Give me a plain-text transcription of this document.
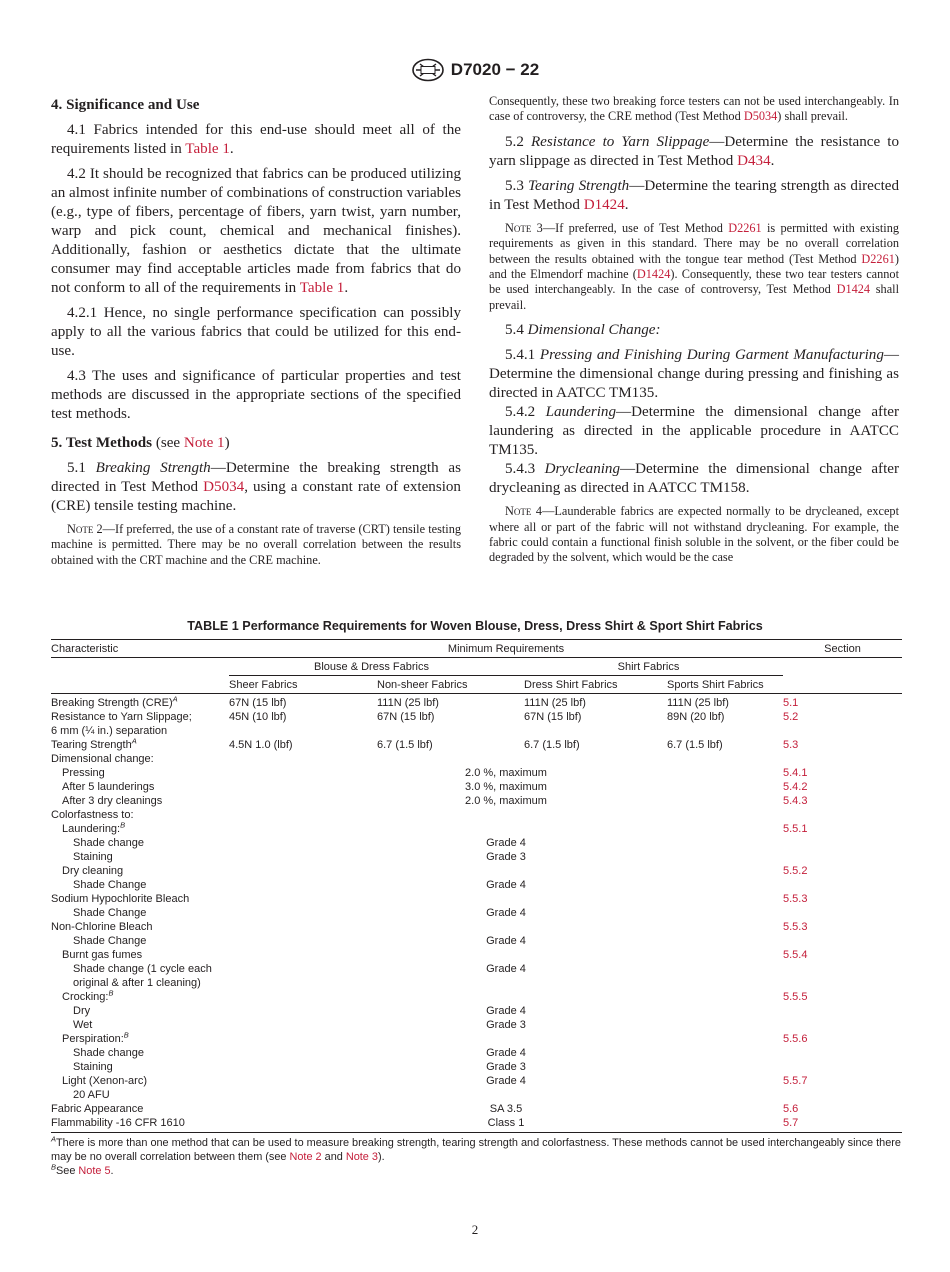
D7020 − 22
4. Significance and Use

4.1 Fabrics intended for this end-use should meet all of the requirements listed in Table 1.

4.2 It should be recognized that fabrics can be produced utilizing an almost infinite number of combinations of construction variables (e.g., type of fibers, percentage of fibers, yarn twist, yarn number, warp and pick count, chemical and mechanical finishes). Additionally, fashion or aesthetics dictate that the ultimate consumer may find acceptable articles made from fabrics that do not conform to all of the requirements in Table 1.

4.2.1 Hence, no single performance specification can possibly apply to all the various fabrics that could be utilized for this end-use.

4.3 The uses and significance of particular properties and test methods are discussed in the appropriate sections of the specified test methods.

5. Test Methods (see Note 1)

5.1 Breaking Strength—Determine the breaking strength as directed in Test Method D5034, using a constant rate of extension (CRE) tensile testing machine.

Note 2—If preferred, the use of a constant rate of traverse (CRT) tensile testing machine is permitted. There may be no overall correlation between the results obtained with the CRT machine and the CRE machine.

Consequently, these two breaking force testers can not be used interchangeably. In case of controversy, the CRE method (Test Method D5034) shall prevail.

5.2 Resistance to Yarn Slippage—Determine the resistance to yarn slippage as directed in Test Method D434.

5.3 Tearing Strength—Determine the tearing strength as directed in Test Method D1424.

Note 3—If preferred, use of Test Method D2261 is permitted with existing requirements as given in this standard. There may be no overall correlation between the results obtained with the tongue tear method (Test Method D2261) and the Elmendorf machine (D1424). Consequently, these two tear testers cannot be used interchangeably. In the case of controversy, Test Method D1424 shall prevail.

5.4 Dimensional Change:

5.4.1 Pressing and Finishing During Garment Manufacturing—Determine the dimensional change during pressing and finishing as directed in AATCC TM135.

5.4.2 Laundering—Determine the dimensional change after laundering as directed in the applicable procedure in AATCC TM135.

5.4.3 Drycleaning—Determine the dimensional change after drycleaning as directed in AATCC TM158.

Note 4—Launderable fabrics are expected normally to be drycleaned, except where all or part of the fabric will not withstand drycleaning. For example, the fabric could contain a functional finish soluble in the solvent, or the fiber could be degraded by the solvent, which would be the case

TABLE 1 Performance Requirements for Woven Blouse, Dress, Dress Shirt & Sport Shirt Fabrics
Characteristic	Minimum Requirements				Section
	Blouse & Dress Fabrics		Shirt Fabrics		
	Sheer Fabrics	Non-sheer Fabrics	Dress Shirt Fabrics	Sports Shirt Fabrics	
Breaking Strength (CRE)$^A$	67N (15 lbf)	111N (25 lbf)	111N (25 lbf)	111N (25 lbf)	5.1
Resistance to Yarn Slippage;	45N (10 lbf)	67N (15 lbf)	67N (15 lbf)	89N (20 lbf)	5.2
6 mm (¼ in.) separation					
Tearing Strength$^A$	4.5N 1.0 (lbf)	6.7 (1.5 lbf)	6.7 (1.5 lbf)	6.7 (1.5 lbf)	5.3
Dimensional change:					
Pressing	2.0 %, maximum				5.4.1
After 5 launderings	3.0 %, maximum				5.4.2
After 3 dry cleanings	2.0 %, maximum				5.4.3
Colorfastness to:					
Laundering:$^B$					5.5.1
Shade change	Grade 4				
Staining	Grade 3				
Dry cleaning					5.5.2
Shade Change	Grade 4				
Sodium Hypochlorite Bleach					5.5.3
Shade Change	Grade 4				
Non-Chlorine Bleach					5.5.3
Shade Change	Grade 4				
Burnt gas fumes					5.5.4
Shade change (1 cycle each	Grade 4				
original & after 1 cleaning)					
Crocking:$^B$					5.5.5
Dry	Grade 4				
Wet	Grade 3				
Perspiration:$^B$					5.5.6
Shade change	Grade 4				
Staining	Grade 3				
Light (Xenon-arc)	Grade 4				5.5.7
20 AFU					
Fabric Appearance	SA 3.5				5.6
Flammability -16 CFR 1610	Class 1				5.7

$^A$There is more than one method that can be used to measure breaking strength, tearing strength and colorfastness. These methods cannot be used interchangeably since there may be no overall correlation between them (see Note 2 and Note 3).

$^B$See Note 5.

2
